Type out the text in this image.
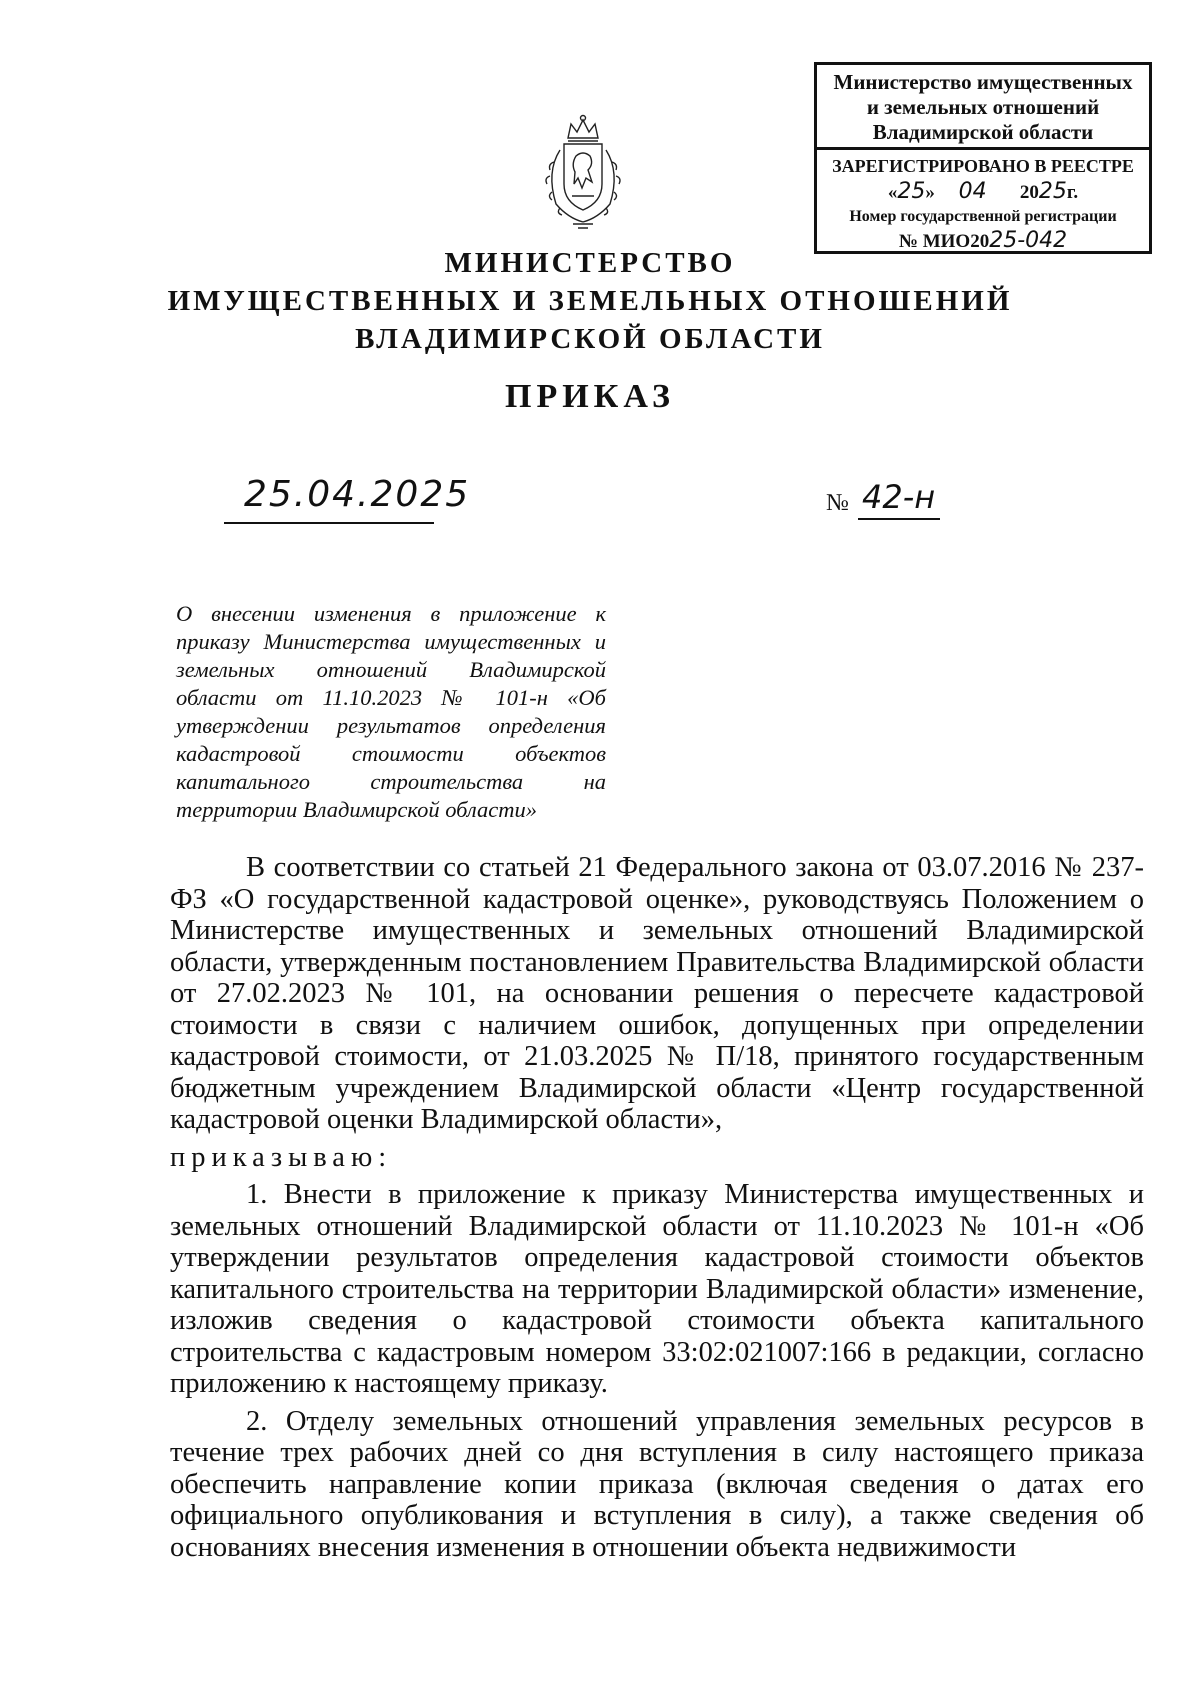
Министерство имущественных
и земельных отношений
Владимирской области
ЗАРЕГИСТРИРОВАНО В РЕЕСТРЕ
«25»     04 2025г.
Номер государственной регистрации
№ МИО2025-042
МИНИСТЕРСТВО
ИМУЩЕСТВЕННЫХ И ЗЕМЕЛЬНЫХ ОТНОШЕНИЙ
ВЛАДИМИРСКОЙ ОБЛАСТИ
ПРИКАЗ
25.04.2025	№ 42-н
О внесении изменения в приложение к приказу Министерства имущественных и земельных отношений Владимирской области от 11.10.2023 № 101-н «Об утверждении результатов определения кадастровой стоимости объектов капитального строительства на территории Владимирской области»

В соответствии со статьей 21 Федерального закона от 03.07.2016 № 237-ФЗ «О государственной кадастровой оценке», руководствуясь Положением о Министерстве имущественных и земельных отношений Владимирской области, утвержденным постановлением Правительства Владимирской области от 27.02.2023 № 101, на основании решения о пересчете кадастровой стоимости в связи с наличием ошибок, допущенных при определении кадастровой стоимости, от 21.03.2025 № П/18, принятого государственным бюджетным учреждением Владимирской области «Центр государственной кадастровой оценки Владимирской области»,

приказываю:

1. Внести в приложение к приказу Министерства имущественных и земельных отношений Владимирской области от 11.10.2023 № 101-н «Об утверждении результатов определения кадастровой стоимости объектов капитального строительства на территории Владимирской области» изменение, изложив сведения о кадастровой стоимости объекта капитального строительства с кадастровым номером 33:02:021007:166 в редакции, согласно приложению к настоящему приказу.

2. Отделу земельных отношений управления земельных ресурсов в течение трех рабочих дней со дня вступления в силу настоящего приказа обеспечить направление копии приказа (включая сведения о датах его официального опубликования и вступления в силу), а также сведения об основаниях внесения изменения в отношении объекта недвижимости
